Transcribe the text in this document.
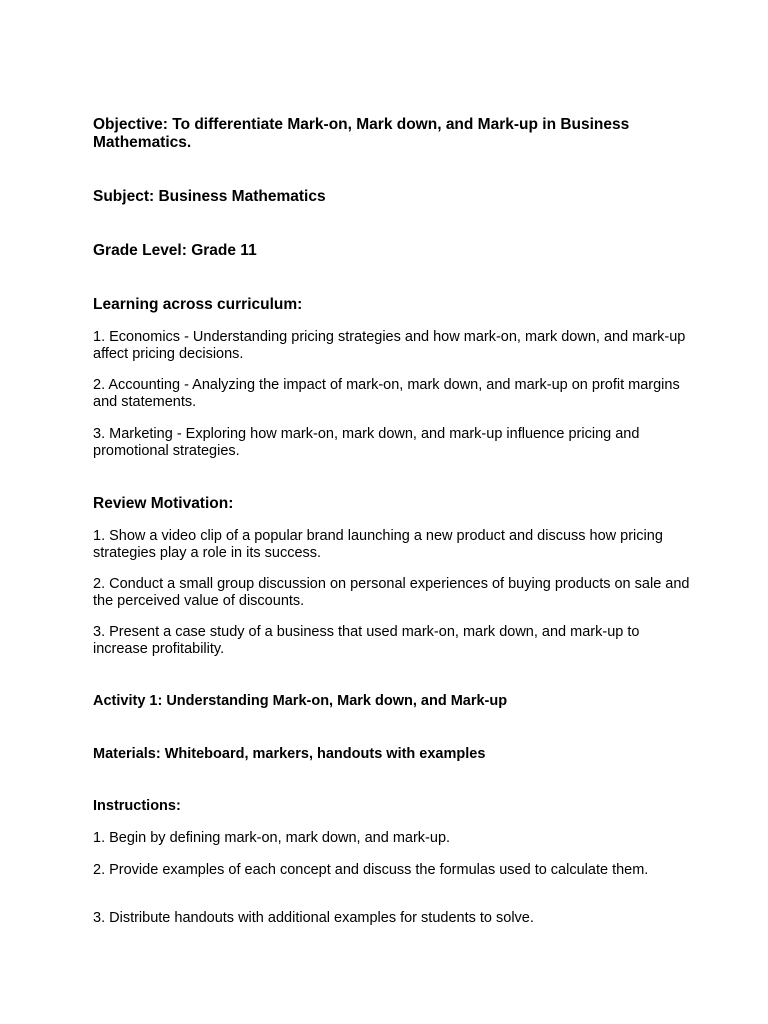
Objective: To differentiate Mark-on, Mark down, and Mark-up in Business Mathematics.

Subject: Business Mathematics

Grade Level: Grade 11

Learning across curriculum:

1. Economics - Understanding pricing strategies and how mark-on, mark down, and mark-up affect pricing decisions.

2. Accounting - Analyzing the impact of mark-on, mark down, and mark-up on profit margins and statements.

3. Marketing - Exploring how mark-on, mark down, and mark-up influence pricing and promotional strategies.

Review Motivation:

1. Show a video clip of a popular brand launching a new product and discuss how pricing strategies play a role in its success.

2. Conduct a small group discussion on personal experiences of buying products on sale and the perceived value of discounts.

3. Present a case study of a business that used mark-on, mark down, and mark-up to increase profitability.

Activity 1: Understanding Mark-on, Mark down, and Mark-up

Materials: Whiteboard, markers, handouts with examples

Instructions:

1. Begin by defining mark-on, mark down, and mark-up.

2. Provide examples of each concept and discuss the formulas used to calculate them.

3. Distribute handouts with additional examples for students to solve.
